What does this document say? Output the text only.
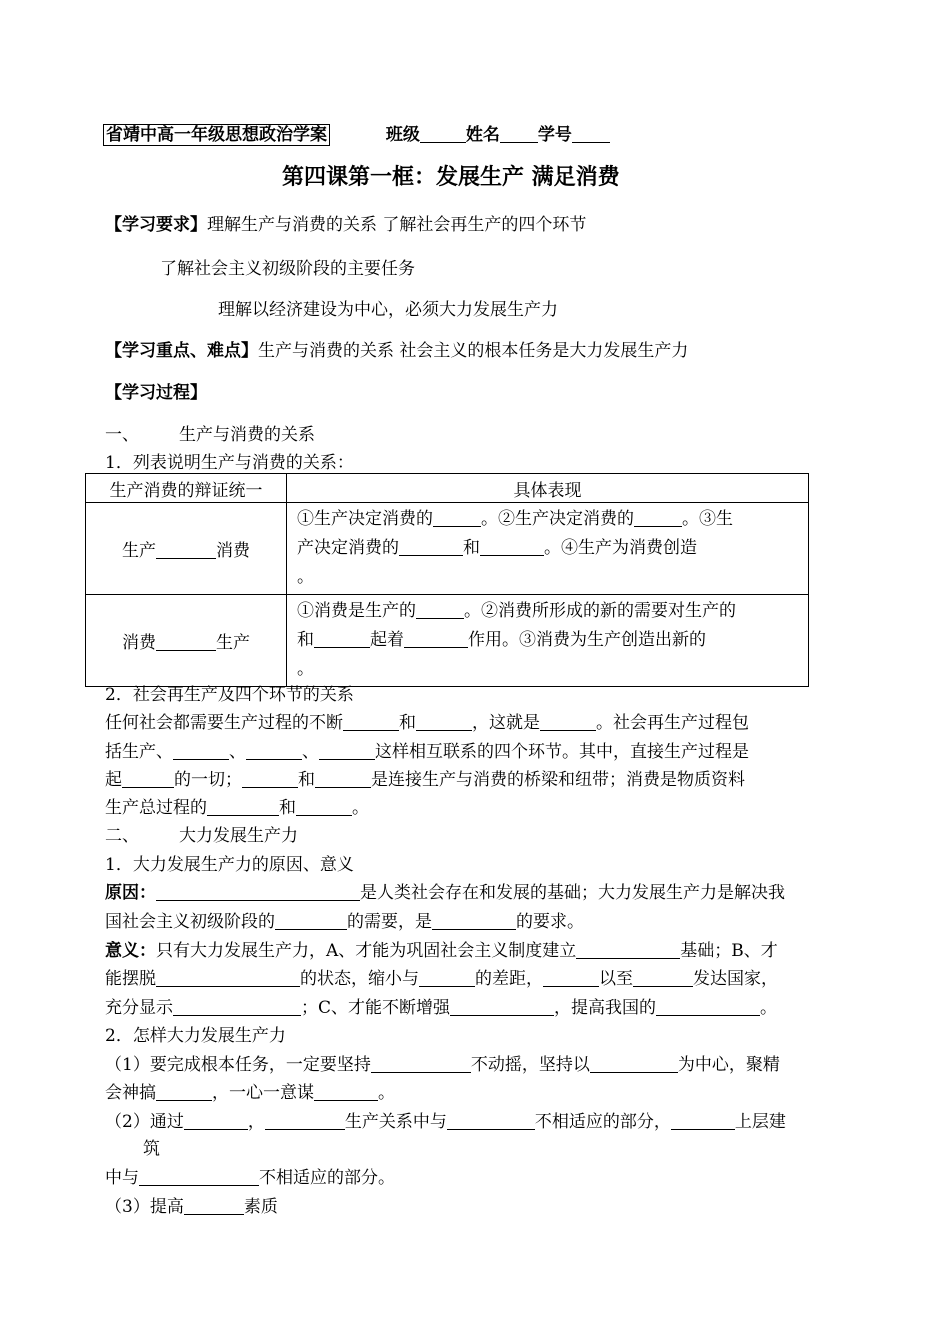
省靖中高一年级思想政治学案	班级	姓名 学号
第四课第一框：发展生产 满足消费
【学习要求】理解生产与消费的关系 了解社会再生产的四个环节
了解社会主义初级阶段的主要任务
理解以经济建设为中心，必须大力发展生产力
【学习重点、难点】生产与消费的关系 社会主义的根本任务是大力发展生产力
【学习过程】
一、 生产与消费的关系
1．列表说明生产与消费的关系：
生产消费的辩证统一	具体表现
生产 消费	①生产决定消费的 。②生产决定消费的 。③生
产决定消费的 和 。④生产为消费创造
。

消费 生产	①消费是生产的 。②消费所形成的新的需要对生产的
和 起着 作用。③消费为生产创造出新的
。
2．社会再生产及四个环节的关系
任何社会都需要生产过程的不断	和	，这就是	。社会再生产过程包
括生产、	、	、	这样相互联系的四个环节。其中，直接生产过程是
起	的一切；	和	是连接生产与消费的桥梁和纽带；消费是物质资料
生产总过程的	和	。
二、 大力发展生产力
1．大力发展生产力的原因、意义
原因：	是人类社会存在和发展的基础；大力发展生产力是解决我
国社会主义初级阶段的	的需要，是	的要求。
意义：只有大力发展生产力，A、才能为巩固社会主义制度建立	基础；B、才
能摆脱	的状态，缩小与	的差距，	以至	发达国家，
充分显示	；C、才能不断增强	，提高我国的	。
2．怎样大力发展生产力
（1）要完成根本任务，一定要坚持	不动摇，坚持以	为中心，聚精
会神搞	，一心一意谋	。
（2）通过	，	生产关系中与	不相适应的部分，	上层建
筑
中与	不相适应的部分。
（3）提高	素质
